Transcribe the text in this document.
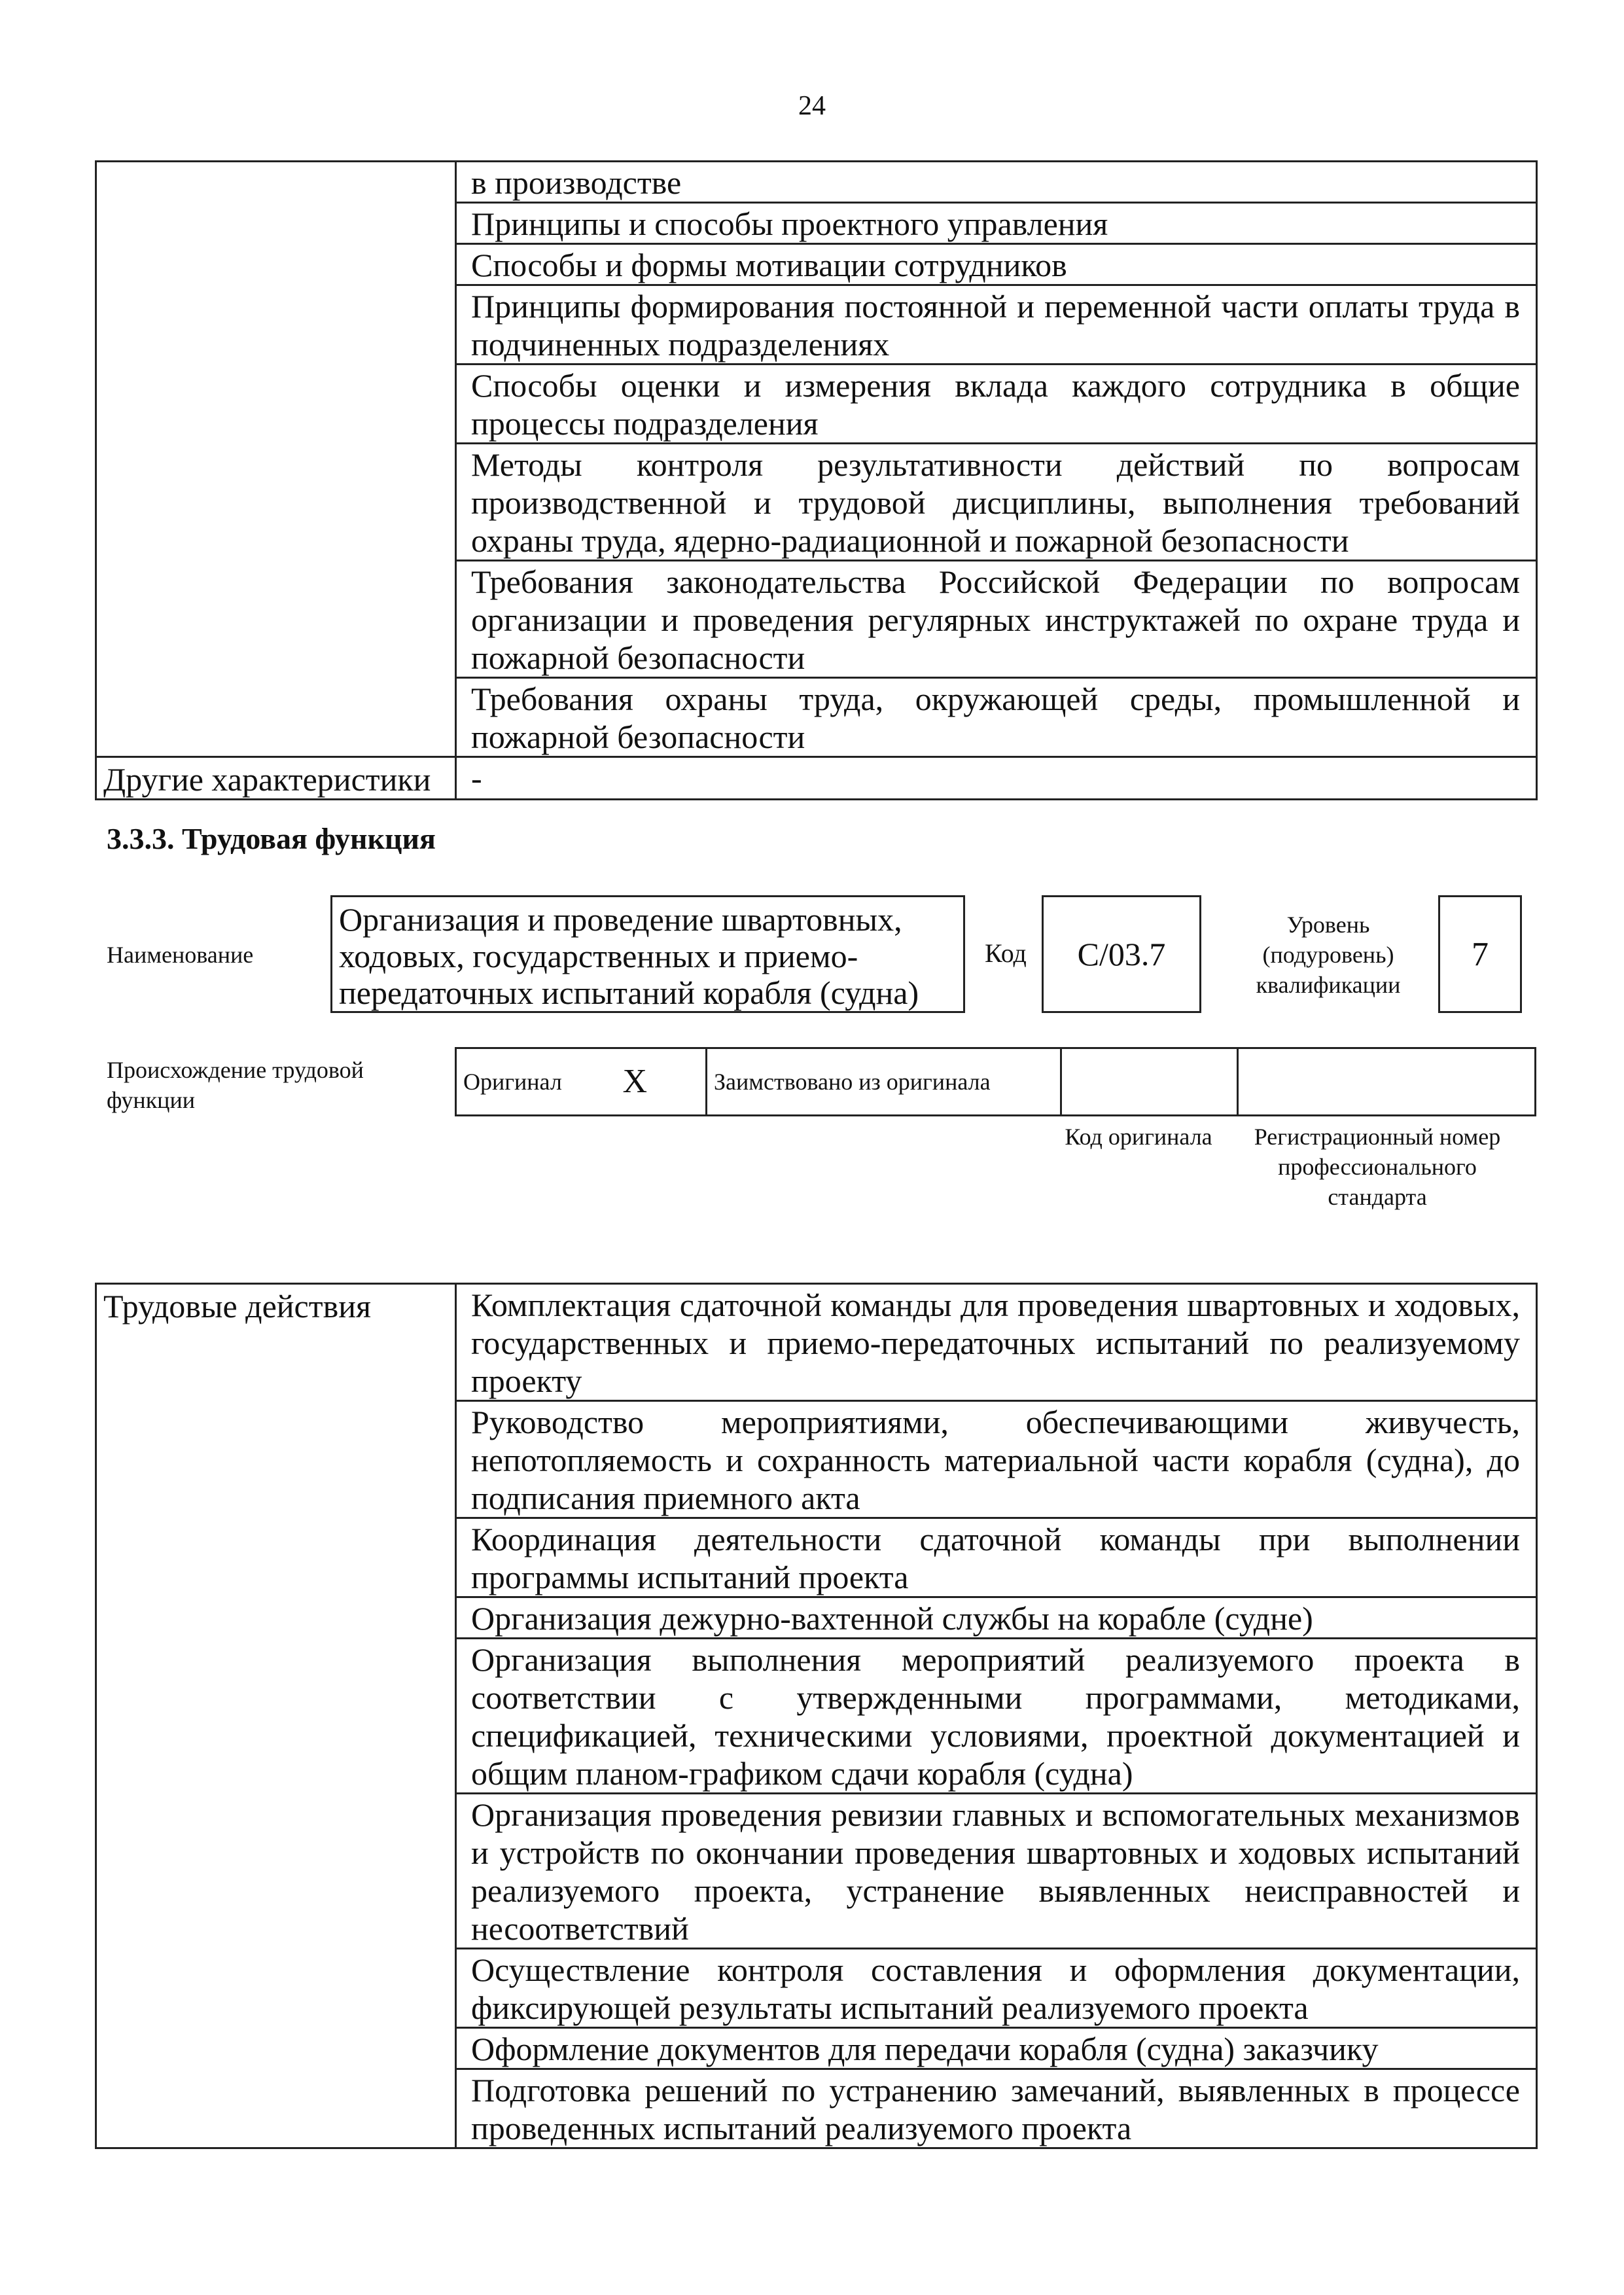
24
	в производстве
	Принципы и способы проектного управления
	Способы и формы мотивации сотрудников
	Принципы формирования постоянной и переменной части оплаты труда в подчиненных подразделениях
	Способы оценки и измерения вклада каждого сотрудника в общие процессы подразделения
	Методы контроля результативности действий по вопросам производственной и трудовой дисциплины, выполнения требований охраны труда, ядерно-радиационной и пожарной безопасности
	Требования законодательства Российской Федерации по вопросам организации и проведения регулярных инструктажей по охране труда и пожарной безопасности
	Требования охраны труда, окружающей среды, промышленной и пожарной безопасности
Другие характеристики	-
3.3.3. Трудовая функция
Наименование
Организация и проведение швартовных, ходовых, государственных и приемо-передаточных испытаний корабля (судна)
Код	C/03.7
Уровень (подуровень) квалификации
7
Происхождение трудовой функции
Оригинал	X	Заимствовано из оригинала		
Код оригинала	Регистрационный номер профессионального стандарта
Трудовые действия	Комплектация сдаточной команды для проведения швартовных и ходовых, государственных и приемо-передаточных испытаний по реализуемому проекту
Руководство мероприятиями, обеспечивающими живучесть, непотопляемость и сохранность материальной части корабля (судна), до подписания приемного акта
Координация деятельности сдаточной команды при выполнении программы испытаний проекта
Организация дежурно-вахтенной службы на корабле (судне)
Организация выполнения мероприятий реализуемого проекта в соответствии с утвержденными программами, методиками, спецификацией, техническими условиями, проектной документацией и общим планом-графиком сдачи корабля (судна)
Организация проведения ревизии главных и вспомогательных механизмов и устройств по окончании проведения швартовных и ходовых испытаний реализуемого проекта, устранение выявленных неисправностей и несоответствий
Осуществление контроля составления и оформления документации, фиксирующей результаты испытаний реализуемого проекта
Оформление документов для передачи корабля (судна) заказчику
Подготовка решений по устранению замечаний, выявленных в процессе проведенных испытаний реализуемого проекта
